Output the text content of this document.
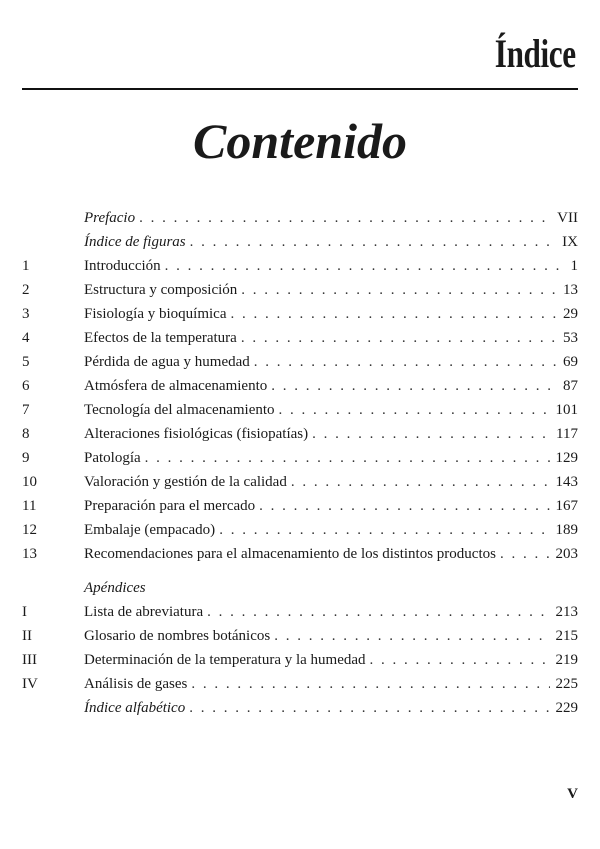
Índice
Contenido
Prefacio . . .	VII
Índice de figuras . . .	IX
1	Introducción . . .	1
2	Estructura y composición . . .	13
3	Fisiología y bioquímica . . .	29
4	Efectos de la temperatura . . .	53
5	Pérdida de agua y humedad . . .	69
6	Atmósfera de almacenamiento . . .	87
7	Tecnología del almacenamiento . . .	101
8	Alteraciones fisiológicas (fisiopatías) . . .	117
9	Patología . . .	129
10	Valoración y gestión de la calidad . . .	143
11	Preparación para el mercado . . .	167
12	Embalaje (empacado) . . .	189
13	Recomendaciones para el almacenamiento de los distintos productos . . .	203
Apéndices
I	Lista de abreviatura . . .	213
II	Glosario de nombres botánicos . . .	215
III	Determinación de la temperatura y la humedad . . .	219
IV	Análisis de gases . . .	225
Índice alfabético . . .	229
V
